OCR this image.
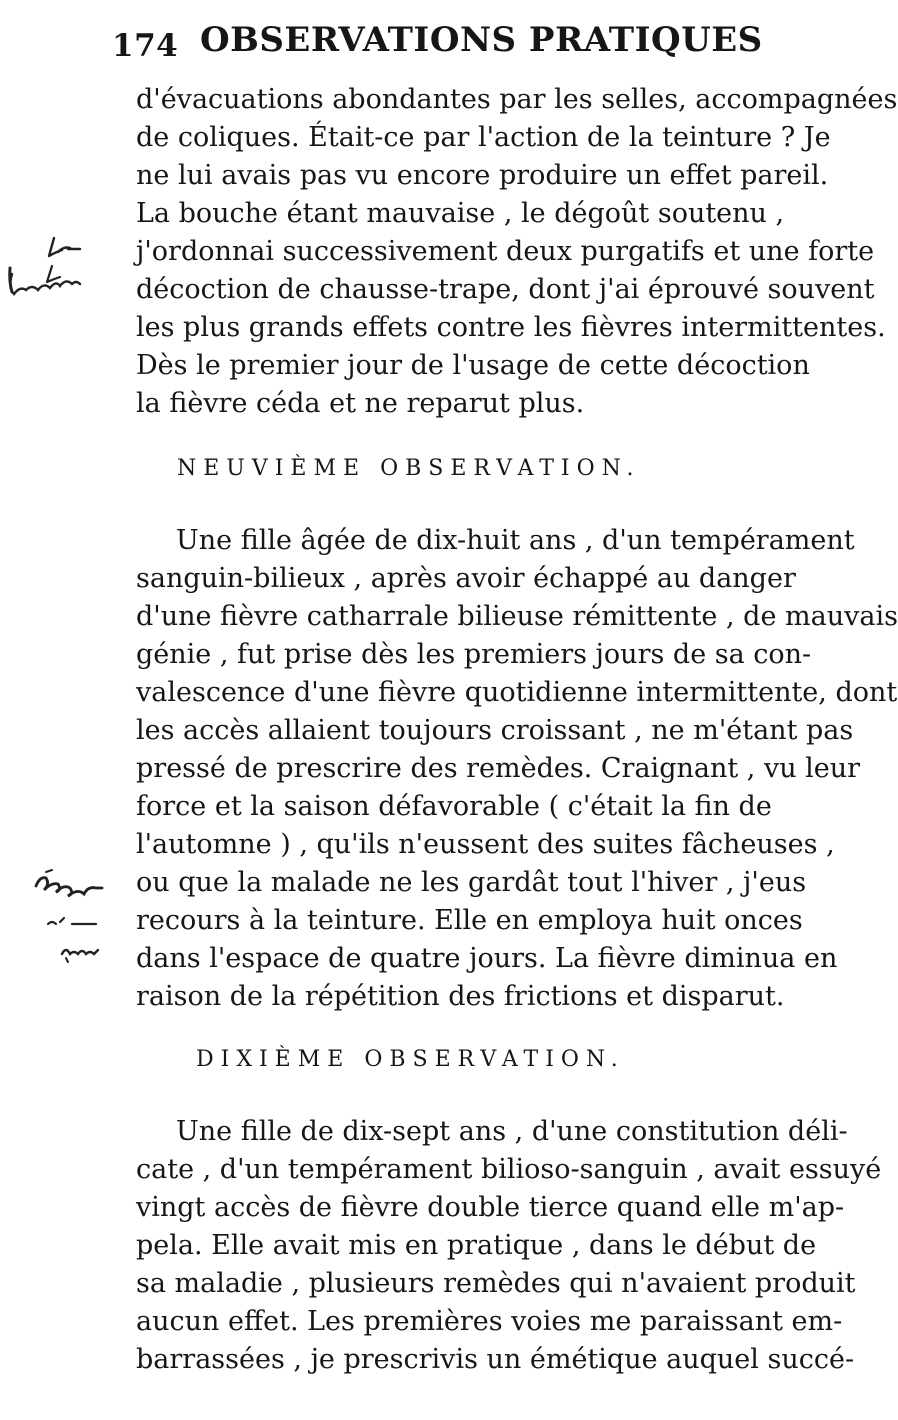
174 OBSERVATIONS PRATIQUES
d'évacuations abondantes par les selles, accompagnées
de coliques. Était-ce par l'action de la teinture ? Je
ne lui avais pas vu encore produire un effet pareil.
La bouche étant mauvaise , le dégoût soutenu ,
j'ordonnai successivement deux purgatifs et une forte
décoction de chausse-trape, dont j'ai éprouvé souvent
les plus grands effets contre les fièvres intermittentes.
Dès le premier jour de l'usage de cette décoction
la fièvre céda et ne reparut plus.
NEUVIÈME OBSERVATION.
Une fille âgée de dix-huit ans , d'un tempérament
sanguin-bilieux , après avoir échappé au danger
d'une fièvre catharrale bilieuse rémittente , de mauvais
génie , fut prise dès les premiers jours de sa con-
valescence d'une fièvre quotidienne intermittente, dont
les accès allaient toujours croissant , ne m'étant pas
pressé de prescrire des remèdes. Craignant , vu leur
force et la saison défavorable ( c'était la fin de
l'automne ) , qu'ils n'eussent des suites fâcheuses ,
ou que la malade ne les gardât tout l'hiver , j'eus
recours à la teinture. Elle en employa huit onces
dans l'espace de quatre jours. La fièvre diminua en
raison de la répétition des frictions et disparut.
DIXIÈME OBSERVATION.
Une fille de dix-sept ans , d'une constitution déli-
cate , d'un tempérament bilioso-sanguin , avait essuyé
vingt accès de fièvre double tierce quand elle m'ap-
pela. Elle avait mis en pratique , dans le début de
sa maladie , plusieurs remèdes qui n'avaient produit
aucun effet. Les premières voies me paraissant em-
barrassées , je prescrivis un émétique auquel succé-
